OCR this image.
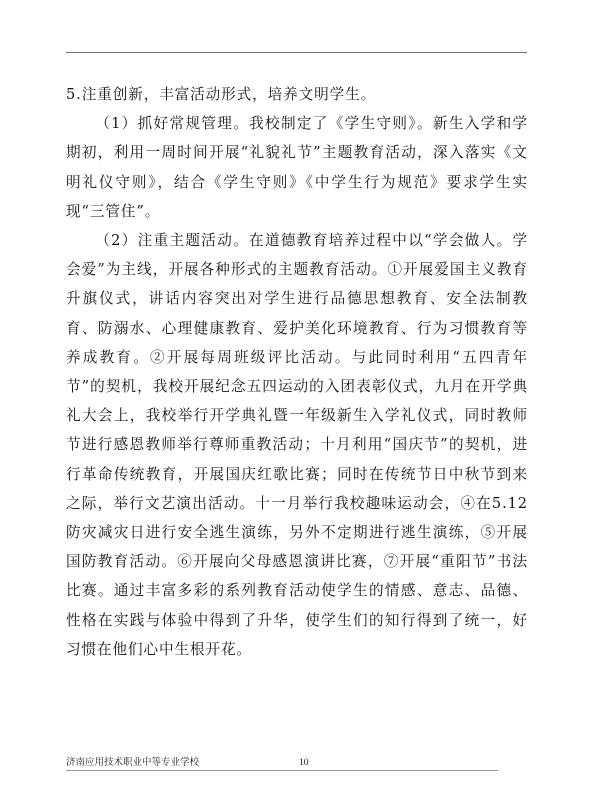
5.注重创新，丰富活动形式，培养文明学生。

（1）抓好常规管理。我校制定了《学生守则》。新生入学和学期初，利用一周时间开展“礼貌礼节”主题教育活动，深入落实《文明礼仪守则》，结合《学生守则》《中学生行为规范》要求学生实现“三管住”。

（2）注重主题活动。在道德教育培养过程中以“学会做人。学会爱”为主线，开展各种形式的主题教育活动。①开展爱国主义教育升旗仪式，讲话内容突出对学生进行品德思想教育、安全法制教育、防溺水、心理健康教育、爱护美化环境教育、行为习惯教育等养成教育。②开展每周班级评比活动。与此同时利用“五四青年节”的契机，我校开展纪念五四运动的入团表彰仪式，九月在开学典礼大会上，我校举行开学典礼暨一年级新生入学礼仪式，同时教师节进行感恩教师举行尊师重教活动；十月利用“国庆节”的契机，进行革命传统教育，开展国庆红歌比赛；同时在传统节日中秋节到来之际，举行文艺演出活动。十一月举行我校趣味运动会，④在5.12防灾减灾日进行安全逃生演练，另外不定期进行逃生演练，⑤开展国防教育活动。⑥开展向父母感恩演讲比赛，⑦开展“重阳节”书法比赛。通过丰富多彩的系列教育活动使学生的情感、意志、品德、性格在实践与体验中得到了升华，使学生们的知行得到了统一，好习惯在他们心中生根开花。

济南应用技术职业中等专业学校	10
